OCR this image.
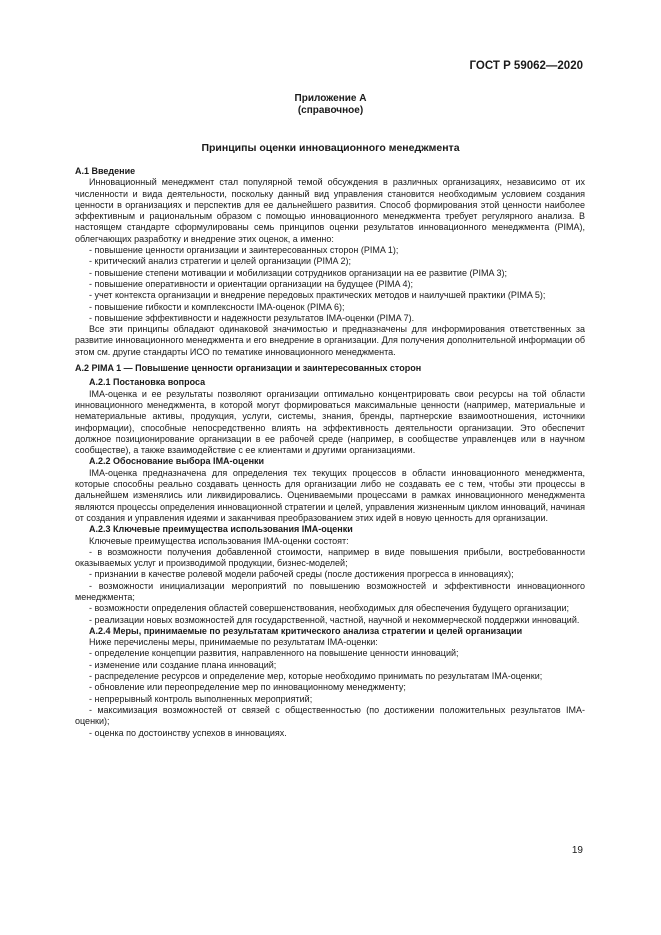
ГОСТ Р 59062—2020
Приложение А
(справочное)
Принципы оценки инновационного менеджмента

А.1 Введение

Инновационный менеджмент стал популярной темой обсуждения в различных организациях, независимо от их численности и вида деятельности, поскольку данный вид управления становится необходимым условием создания ценности в организациях и перспектив для ее дальнейшего развития. Способ формирования этой ценности наиболее эффективным и рациональным образом с помощью инновационного менеджмента требует регулярного анализа. В настоящем стандарте сформулированы семь принципов оценки результатов инновационного менеджмента (PIMA), облегчающих разработку и внедрение этих оценок, а именно:

- повышение ценности организации и заинтересованных сторон (PIMA 1);
- критический анализ стратегии и целей организации (PIMA 2);
- повышение степени мотивации и мобилизации сотрудников организации на ее развитие (PIMA 3);
- повышение оперативности и ориентации организации на будущее (PIMA 4);
- учет контекста организации и внедрение передовых практических методов и наилучшей практики (PIMA 5);
- повышение гибкости и комплексности IMA-оценок (PIMA 6);
- повышение эффективности и надежности результатов IMA-оценки (PIMA 7).

Все эти принципы обладают одинаковой значимостью и предназначены для информирования ответственных за развитие инновационного менеджмента и его внедрение в организации. Для получения дополнительной информации об этом см. другие стандарты ИСО по тематике инновационного менеджмента.

А.2 PIMA 1 — Повышение ценности организации и заинтересованных сторон

А.2.1 Постановка вопроса

IMA-оценка и ее результаты позволяют организации оптимально концентрировать свои ресурсы на той области инновационного менеджмента, в которой могут формироваться максимальные ценности (например, материальные и нематериальные активы, продукция, услуги, системы, знания, бренды, партнерские взаимоотношения, источники информации), способные непосредственно влиять на эффективность деятельности организации. Это обеспечит должное позиционирование организации в ее рабочей среде (например, в сообществе управленцев или в научном сообществе), а также взаимодействие с ее клиентами и другими организациями.

А.2.2 Обоснование выбора IMA-оценки

IMA-оценка предназначена для определения тех текущих процессов в области инновационного менеджмента, которые способны реально создавать ценность для организации либо не создавать ее с тем, чтобы эти процессы в дальнейшем изменялись или ликвидировались. Оцениваемыми процессами в рамках инновационного менеджмента являются процессы определения инновационной стратегии и целей, управления жизненным циклом инноваций, начиная от создания и управления идеями и заканчивая преобразованием этих идей в новую ценность для организации.

А.2.3 Ключевые преимущества использования IMA-оценки

Ключевые преимущества использования IMA-оценки состоят:

- в возможности получения добавленной стоимости, например в виде повышения прибыли, востребованности оказываемых услуг и производимой продукции, бизнес-моделей;
- признании в качестве ролевой модели рабочей среды (после достижения прогресса в инновациях);
- возможности инициализации мероприятий по повышению возможностей и эффективности инновационного менеджмента;
- возможности определения областей совершенствования, необходимых для обеспечения будущего организации;
- реализации новых возможностей для государственной, частной, научной и некоммерческой поддержки инноваций.

А.2.4 Меры, принимаемые по результатам критического анализа стратегии и целей организации

Ниже перечислены меры, принимаемые по результатам IMA-оценки:

- определение концепции развития, направленного на повышение ценности инноваций;
- изменение или создание плана инноваций;
- распределение ресурсов и определение мер, которые необходимо принимать по результатам IMA-оценки;
- обновление или переопределение мер по инновационному менеджменту;
- непрерывный контроль выполненных мероприятий;
- максимизация возможностей от связей с общественностью (по достижении положительных результатов IMA-оценки);
- оценка по достоинству успехов в инновациях.
19
